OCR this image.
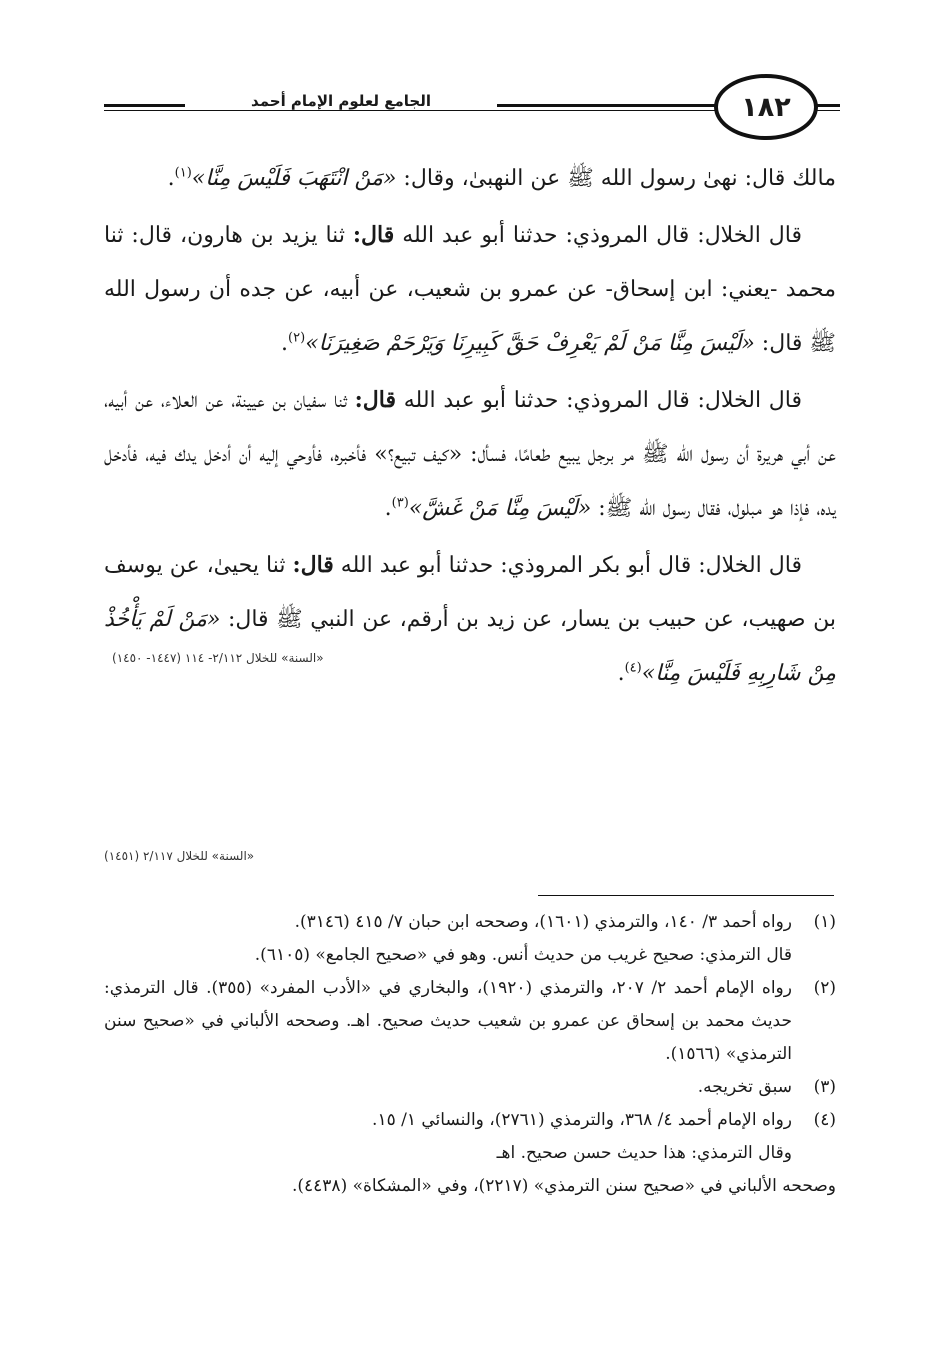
الجامع لعلوم الإمام أحمد	١٨٢

مالك قال: نهىٰ رسول الله ﷺ عن النهبىٰ، وقال: «مَنْ انْتَهَبَ فَلَيْسَ مِنَّا»$^{(١)}$.

قال الخلال: قال المروذي: حدثنا أبو عبد الله قال: ثنا يزيد بن هارون، قال: ثنا محمد -يعني: ابن إسحاق- عن عمرو بن شعيب، عن أبيه، عن جده أن رسول الله ﷺ قال: «لَيْسَ مِنَّا مَنْ لَمْ يَعْرِفْ حَقَّ كَبِيرِنَا وَيَرْحَمْ صَغِيرَنَا»$^{(٢)}$.

قال الخلال: قال المروذي: حدثنا أبو عبد الله قال: ثنا سفيان بن عيينة، عن العلاء، عن أبيه، عن أبي هريرة أن رسول الله ﷺ مر برجل يبيع طعامًا، فسأل: «كيف تبيع؟» فأخبره، فأوحي إليه أن أدخل يدك فيه، فأدخل يده، فإذا هو مبلول، فقال رسول الله ﷺ: «لَيْسَ مِنَّا مَنْ غَشَّ»$^{(٣)}$.

قال الخلال: قال أبو بكر المروذي: حدثنا أبو عبد الله قال: ثنا يحيىٰ، عن يوسف بن صهيب، عن حبيب بن يسار، عن زيد بن أرقم، عن النبي ﷺ قال: «مَنْ لَمْ يَأْخُذْ مِنْ شَارِبِهِ فَلَيْسَ مِنَّا»$^{(٤)}$.

«السنة» للخلال ٢/١١٢- ١١٤ (١٤٤٧- ١٤٥٠)
«السنة» للخلال ٢/١١٧ (١٤٥١)
(١)
رواه أحمد ٣/ ١٤٠، والترمذي (١٦٠١)، وصححه ابن حبان ٧/ ٤١٥ (٣١٤٦).
قال الترمذي: صحيح غريب من حديث أنس. وهو في «صحيح الجامع» (٦١٠٥).
(٢)
رواه الإمام أحمد ٢/ ٢٠٧، والترمذي (١٩٢٠)، والبخاري في «الأدب المفرد» (٣٥٥). قال الترمذي: حديث محمد بن إسحاق عن عمرو بن شعيب حديث صحيح. اهـ. وصححه الألباني في «صحيح سنن الترمذي» (١٥٦٦).
(٣)
سبق تخريجه.
(٤)
رواه الإمام أحمد ٤/ ٣٦٨، والترمذي (٢٧٦١)، والنسائي ١/ ١٥.
وقال الترمذي: هذا حديث حسن صحيح. اهـ
وصححه الألباني في «صحيح سنن الترمذي» (٢٢١٧)، وفي «المشكاة» (٤٤٣٨).
